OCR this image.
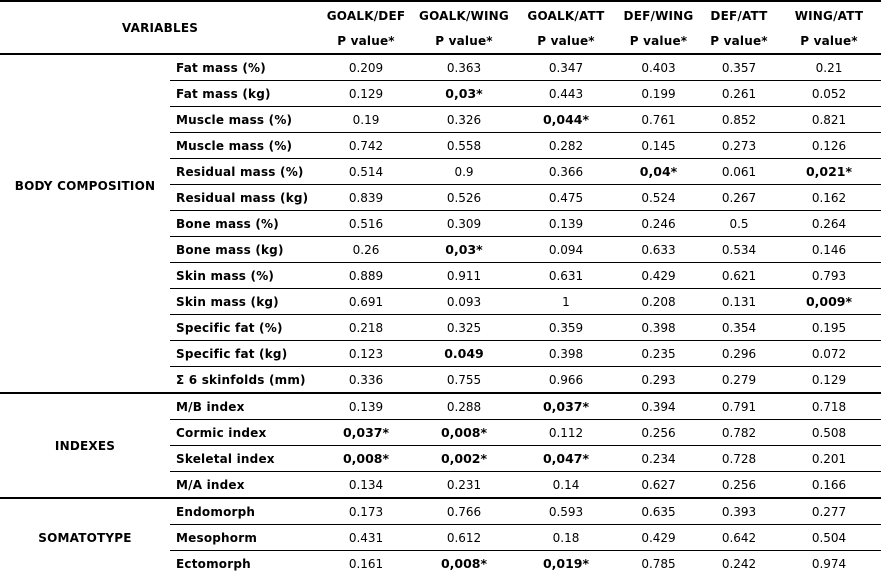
VARIABLES		GOALK/DEF	GOALK/WING	GOALK/ATT	DEF/WING	DEF/ATT	WING/ATT
		P value*	P value*	P value*	P value*	P value*	P value*
BODY COMPOSITION	Fat mass (%)	0.209	0.363	0.347	0.403	0.357	0.21
	Fat mass (kg)	0.129	0,03*	0.443	0.199	0.261	0.052
	Muscle mass (%)	0.19	0.326	0,044*	0.761	0.852	0.821
	Muscle mass (%)	0.742	0.558	0.282	0.145	0.273	0.126
	Residual mass (%)	0.514	0.9	0.366	0,04*	0.061	0,021*
	Residual mass (kg)	0.839	0.526	0.475	0.524	0.267	0.162
	Bone mass (%)	0.516	0.309	0.139	0.246	0.5	0.264
	Bone mass (kg)	0.26	0,03*	0.094	0.633	0.534	0.146
	Skin mass (%)	0.889	0.911	0.631	0.429	0.621	0.793
	Skin mass (kg)	0.691	0.093	1	0.208	0.131	0,009*
	Specific fat (%)	0.218	0.325	0.359	0.398	0.354	0.195
	Specific fat (kg)	0.123	0.049	0.398	0.235	0.296	0.072
	Σ 6 skinfolds (mm)	0.336	0.755	0.966	0.293	0.279	0.129
INDEXES	M/B index	0.139	0.288	0,037*	0.394	0.791	0.718
	Cormic index	0,037*	0,008*	0.112	0.256	0.782	0.508
	Skeletal index	0,008*	0,002*	0,047*	0.234	0.728	0.201
	M/A index	0.134	0.231	0.14	0.627	0.256	0.166
SOMATOTYPE	Endomorph	0.173	0.766	0.593	0.635	0.393	0.277
	Mesophorm	0.431	0.612	0.18	0.429	0.642	0.504
	Ectomorph	0.161	0,008*	0,019*	0.785	0.242	0.974
